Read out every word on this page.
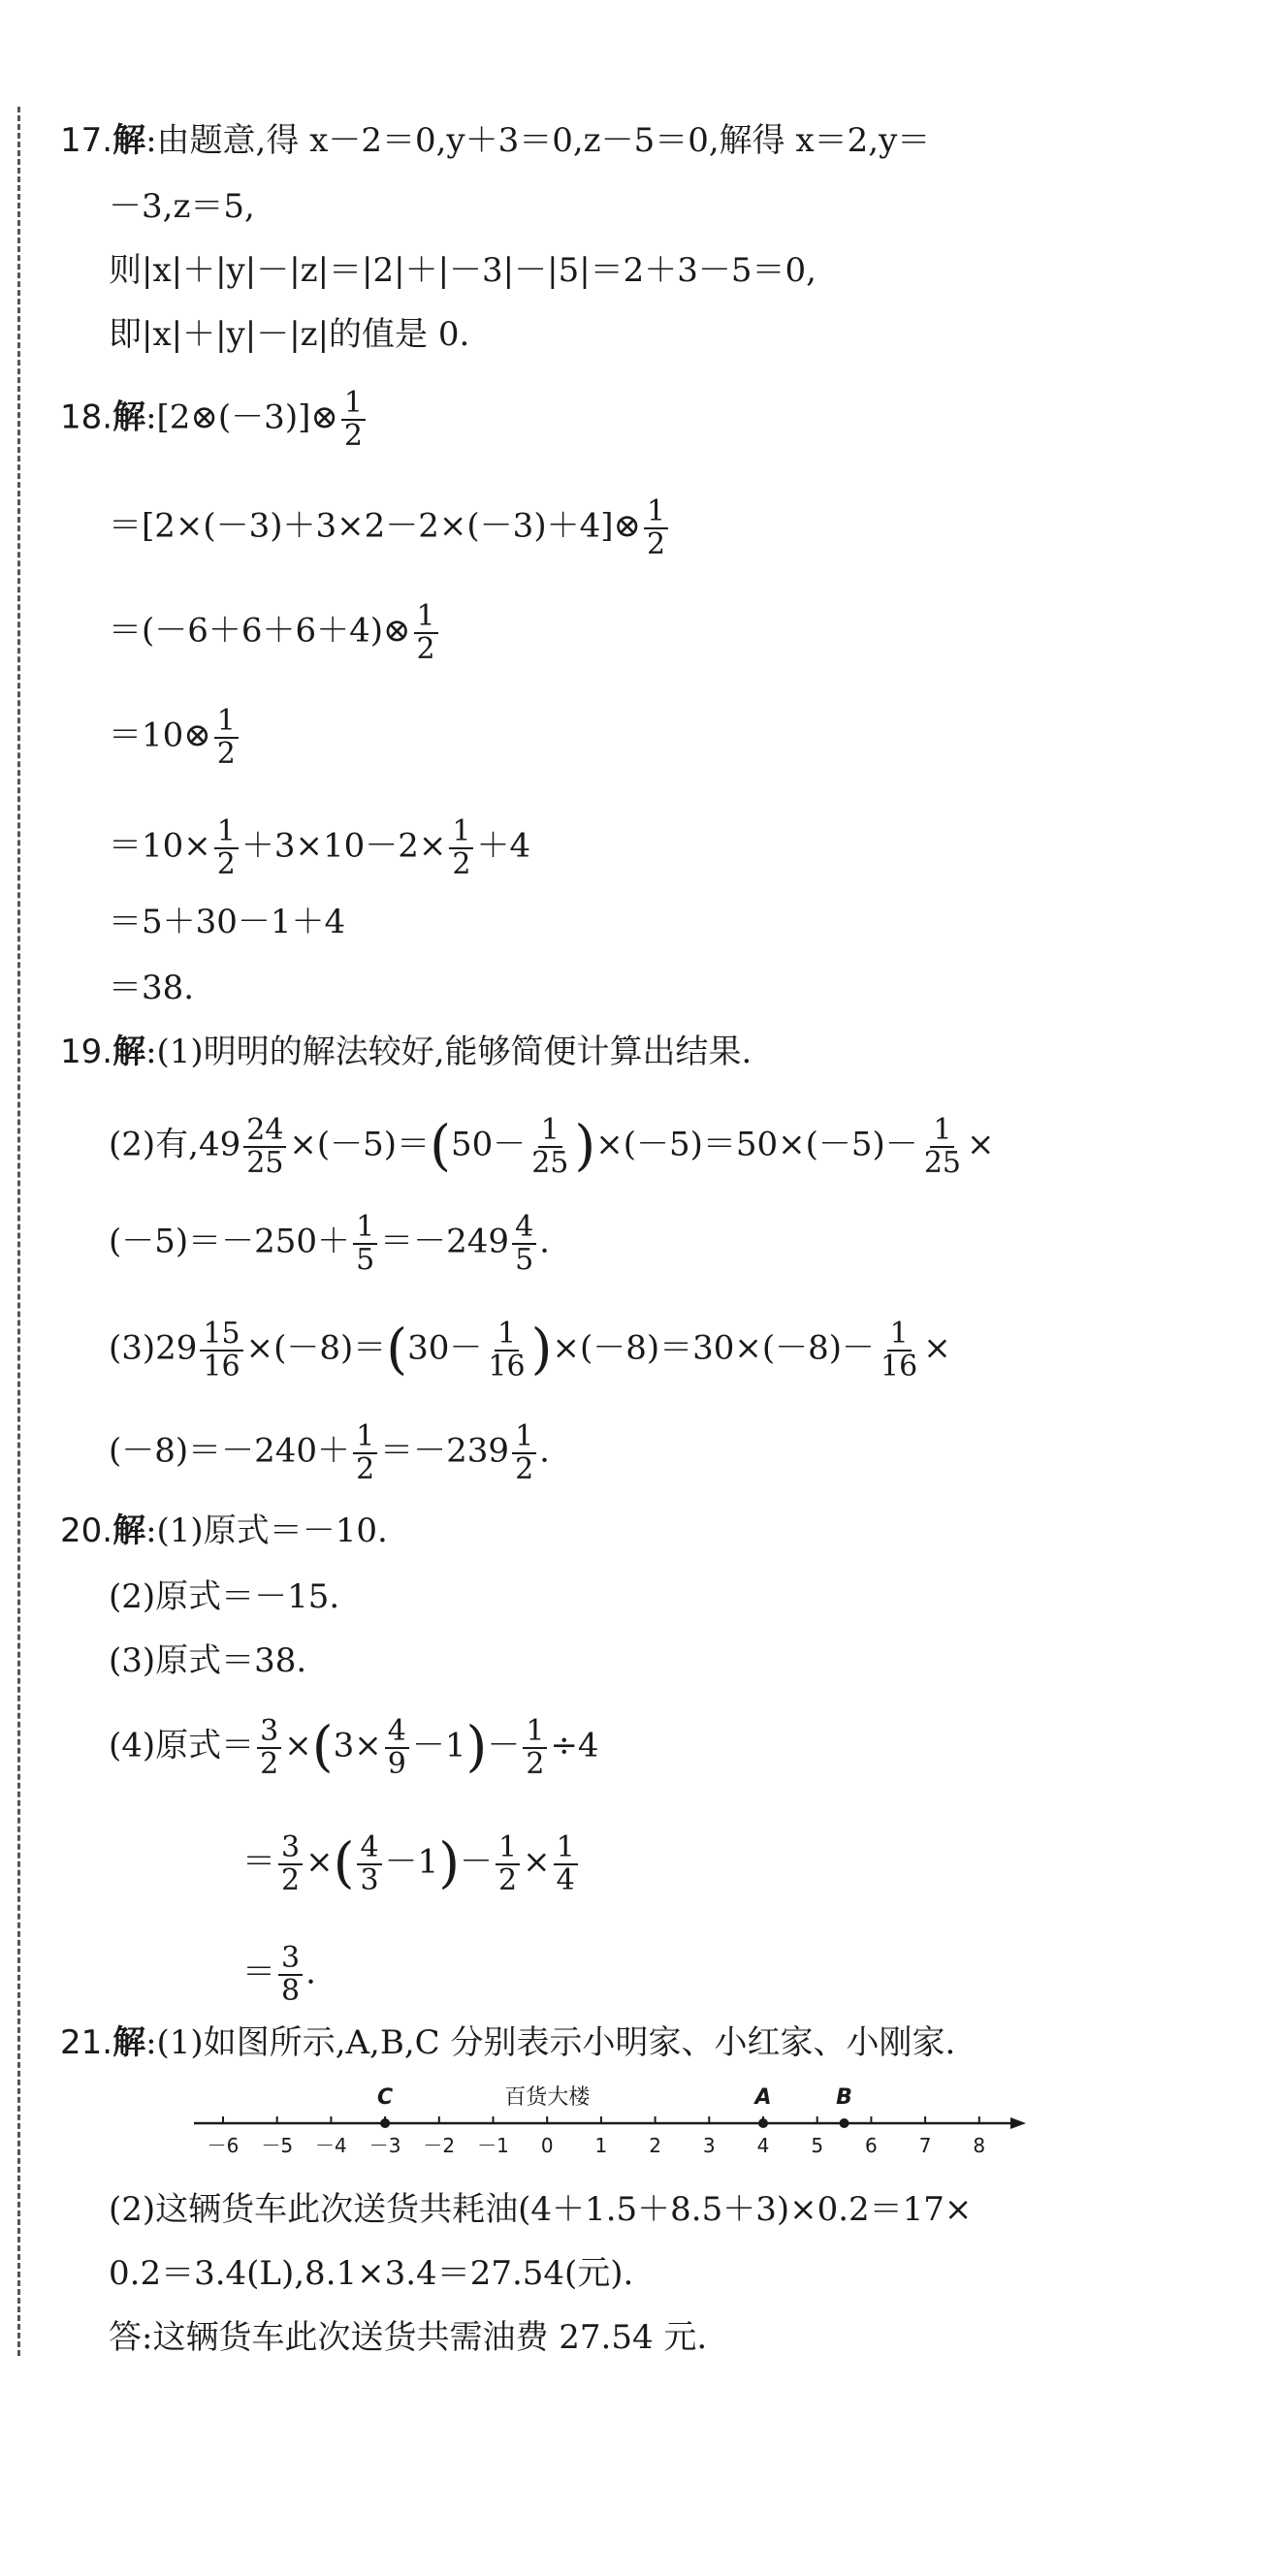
17.解:由题意,得 x－2＝0,y＋3＝0,z－5＝0,解得 x＝2,y＝
－3,z＝5,
则|x|＋|y|－|z|＝|2|＋|－3|－|5|＝2＋3－5＝0,
即|x|＋|y|－|z|的值是 0.
18.解:[2⊗(－3)]⊗ $\frac{1}{2}$
＝[2×(－3)＋3×2－2×(－3)＋4]⊗ $\frac{1}{2}$
＝(－6＋6＋6＋4)⊗ $\frac{1}{2}$
＝10⊗ $\frac{1}{2}$
$=10\times \frac{1}{2} +3\times 10-2\times \frac{1}{2} +4$
＝5＋30－1＋4
＝38.
19.解:(1)明明的解法较好,能够简便计算出结果.
(2)有$,49 \frac{24}{25} \times(-5)=(50- \frac{1}{25} )\times(-5)=50\times(-5)- \frac{1}{25}$ ×
$(-5)=-250+ \frac{1}{5} =-249 \frac{4}{5}$ .
$(3)29 \frac{15}{16} \times(-8)=(30- \frac{1}{16} )\times(-8)=30\times(-8)- \frac{1}{16}$ ×
$(-8)=-240+ \frac{1}{2} =-239 \frac{1}{2}$ .
20.解:(1)原式＝－10.
(2)原式＝－15.
(3)原式＝38.
(4)原式＝ $\frac{3}{2} \times(3\times \frac{4}{9} -1)- \frac{1}{2} \div 4$
＝ $\frac{3}{2}$ ×( $\frac{4}{3} -1)- \frac{1}{2} \times \frac{1}{4}$
＝ $\frac{3}{8}$ .
21.解:(1)如图所示,A,B,C 分别表示小明家、小红家、小刚家.
－6 －5 －4 －3 －2 －1 0 1 2 3 4 5 6 7 8
C	A	B
百货大楼
(2)这辆货车此次送货共耗油(4＋1.5＋8.5＋3)×0.2＝17×
0.2＝3.4(L),8.1×3.4＝27.54(元).
答:这辆货车此次送货共需油费 27.54 元.
